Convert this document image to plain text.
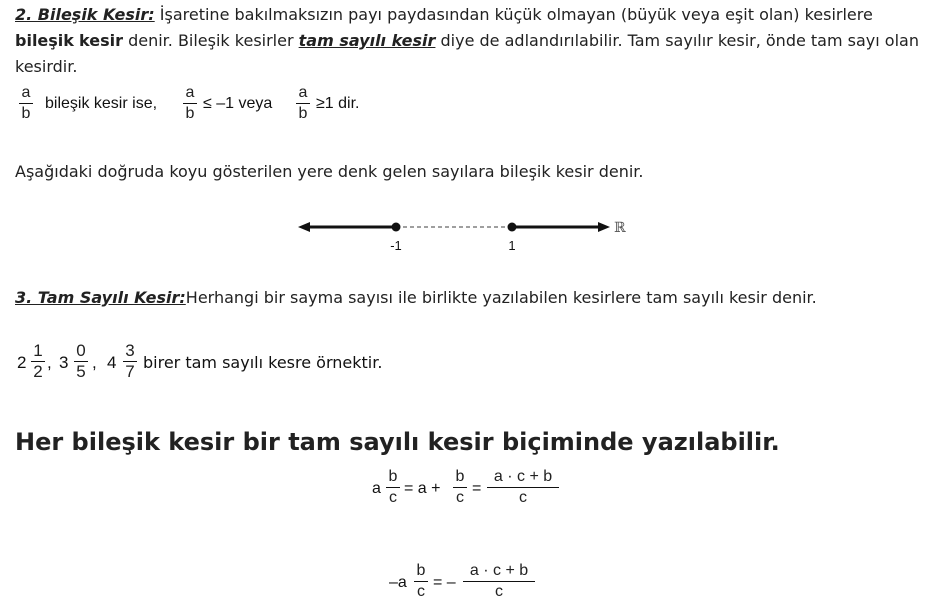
2. Bileşik Kesir: İşaretine bakılmaksızın payı paydasından küçük olmayan (büyük veya eşit olan) kesirlere bileşik kesir denir. Bileşik kesirler tam sayılı kesir diye de adlandırılabilir. Tam sayılır kesir, önde tam sayı olan kesirdir.

a
b
bileşik kesir ise,
a
b
≤ –1 veya
a
b
≥1 dir.

Aşağıdaki doğruda koyu gösterilen yere denk gelen sayılara bileşik kesir denir.

-1	1
ℝ

3. Tam Sayılı Kesir:Herhangi bir sayma sayısı ile birlikte yazılabilen kesirlere tam sayılı kesir denir.

2
1
2 , 3
0
5 , 4
3
7 birer tam sayılı kesre örnektir.
Her bileşik kesir bir tam sayılı kesir biçiminde yazılabilir.
a
b
c
= a +
b
c
=
a · c + b
c
–a
b
c
= –
a · c + b
c
